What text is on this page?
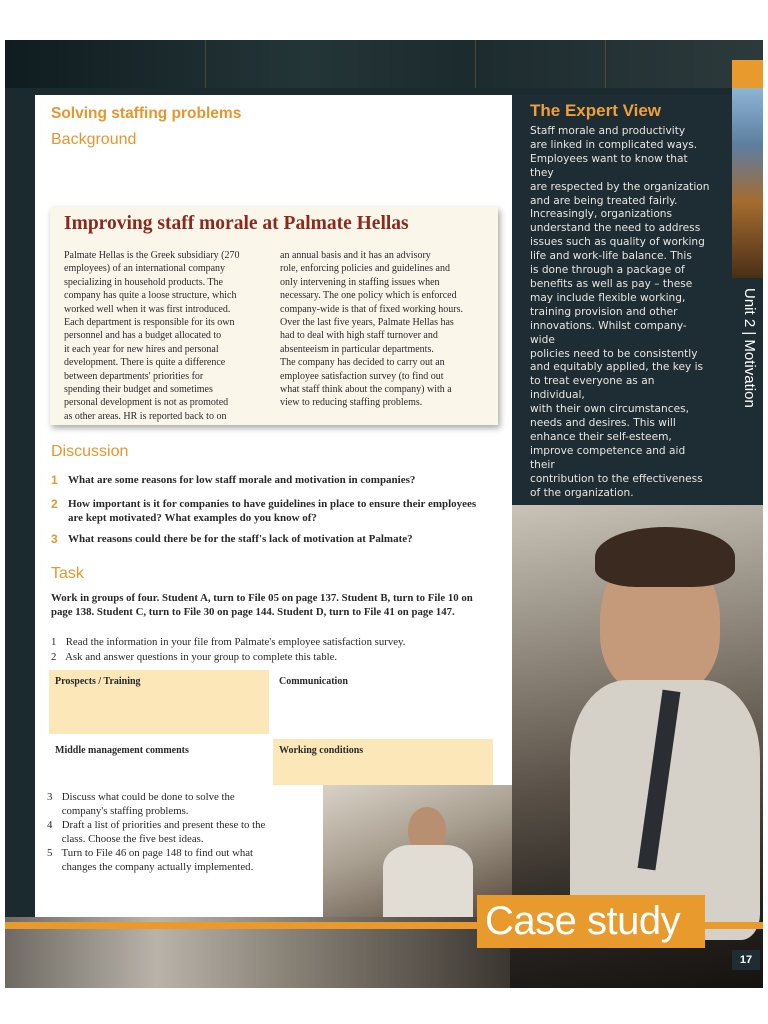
The Expert View
Staff morale and productivity
are linked in complicated ways.
Employees want to know that they
are respected by the organization
and are being treated fairly.
Increasingly, organizations
understand the need to address
issues such as quality of working
life and work-life balance. This
is done through a package of
benefits as well as pay – these
may include flexible working,
training provision and other
innovations. Whilst company-wide
policies need to be consistently
and equitably applied, the key is
to treat everyone as an individual,
with their own circumstances,
needs and desires. This will
enhance their self-esteem,
improve competence and aid their
contribution to the effectiveness
of the organization.
Unit 2 | Motivation
Solving staffing problems
Background
Improving staff morale at Palmate Hellas
Palmate Hellas is the Greek subsidiary (270
employees) of an international company
specializing in household products. The
company has quite a loose structure, which
worked well when it was first introduced.
Each department is responsible for its own
personnel and has a budget allocated to
it each year for new hires and personal
development. There is quite a difference
between departments' priorities for
spending their budget and sometimes
personal development is not as promoted
as other areas. HR is reported back to on
an annual basis and it has an advisory
role, enforcing policies and guidelines and
only intervening in staffing issues when
necessary. The one policy which is enforced
company-wide is that of fixed working hours.
Over the last five years, Palmate Hellas has
had to deal with high staff turnover and
absenteeism in particular departments.
The company has decided to carry out an
employee satisfaction survey (to find out
what staff think about the company) with a
view to reducing staffing problems.
Discussion
1 What are some reasons for low staff morale and motivation in companies?
2 How important is it for companies to have guidelines in place to ensure their employees are kept motivated? What examples do you know of?
3 What reasons could there be for the staff's lack of motivation at Palmate?
Task
Work in groups of four. Student A, turn to File 05 on page 137. Student B, turn to File 10 on page 138. Student C, turn to File 30 on page 144. Student D, turn to File 41 on page 147.
1 Read the information in your file from Palmate's employee satisfaction survey.
2 Ask and answer questions in your group to complete this table.
Prospects / Training	Communication
Middle management comments	Working conditions
3 Discuss what could be done to solve the
company's staffing problems.
4 Draft a list of priorities and present these to the
class. Choose the five best ideas.
5 Turn to File 46 on page 148 to find out what
changes the company actually implemented.
Case study
17
